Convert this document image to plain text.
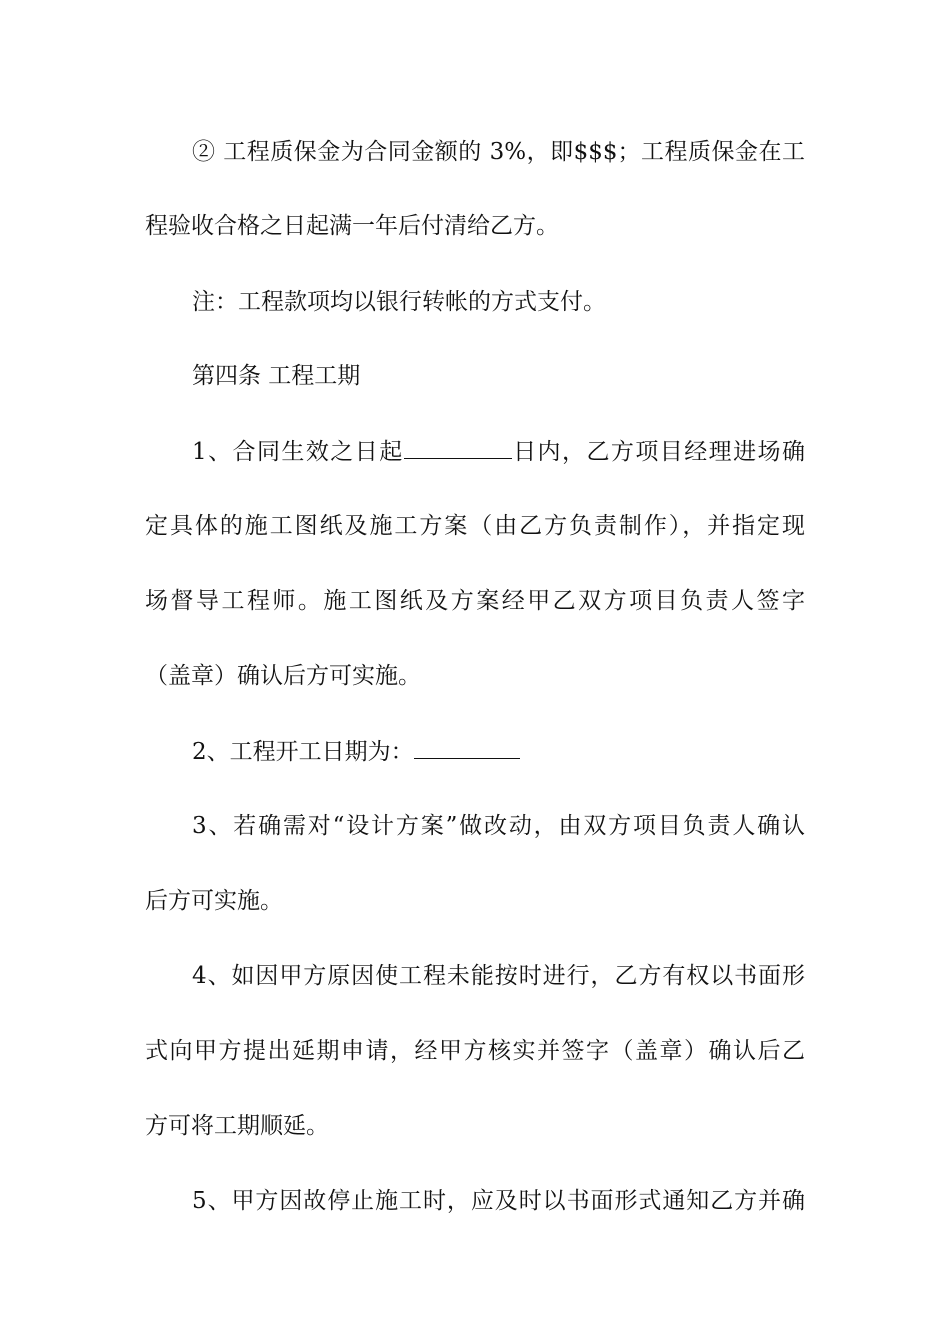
② 工程质保金为合同金额的 3%，即$$$；工程质保金在工
程验收合格之日起满一年后付清给乙方。
注：工程款项均以银行转帐的方式支付。
第四条 工程工期
1、合同生效之日起	日内，乙方项目经理进场确
定具体的施工图纸及施工方案（由乙方负责制作），并指定现
场督导工程师。施工图纸及方案经甲乙双方项目负责人签字
（盖章）确认后方可实施。
2、工程开工日期为：
3、若确需对“设计方案”做改动，由双方项目负责人确认
后方可实施。
4、如因甲方原因使工程未能按时进行，乙方有权以书面形
式向甲方提出延期申请，经甲方核实并签字（盖章）确认后乙
方可将工期顺延。
5、甲方因故停止施工时，应及时以书面形式通知乙方并确
